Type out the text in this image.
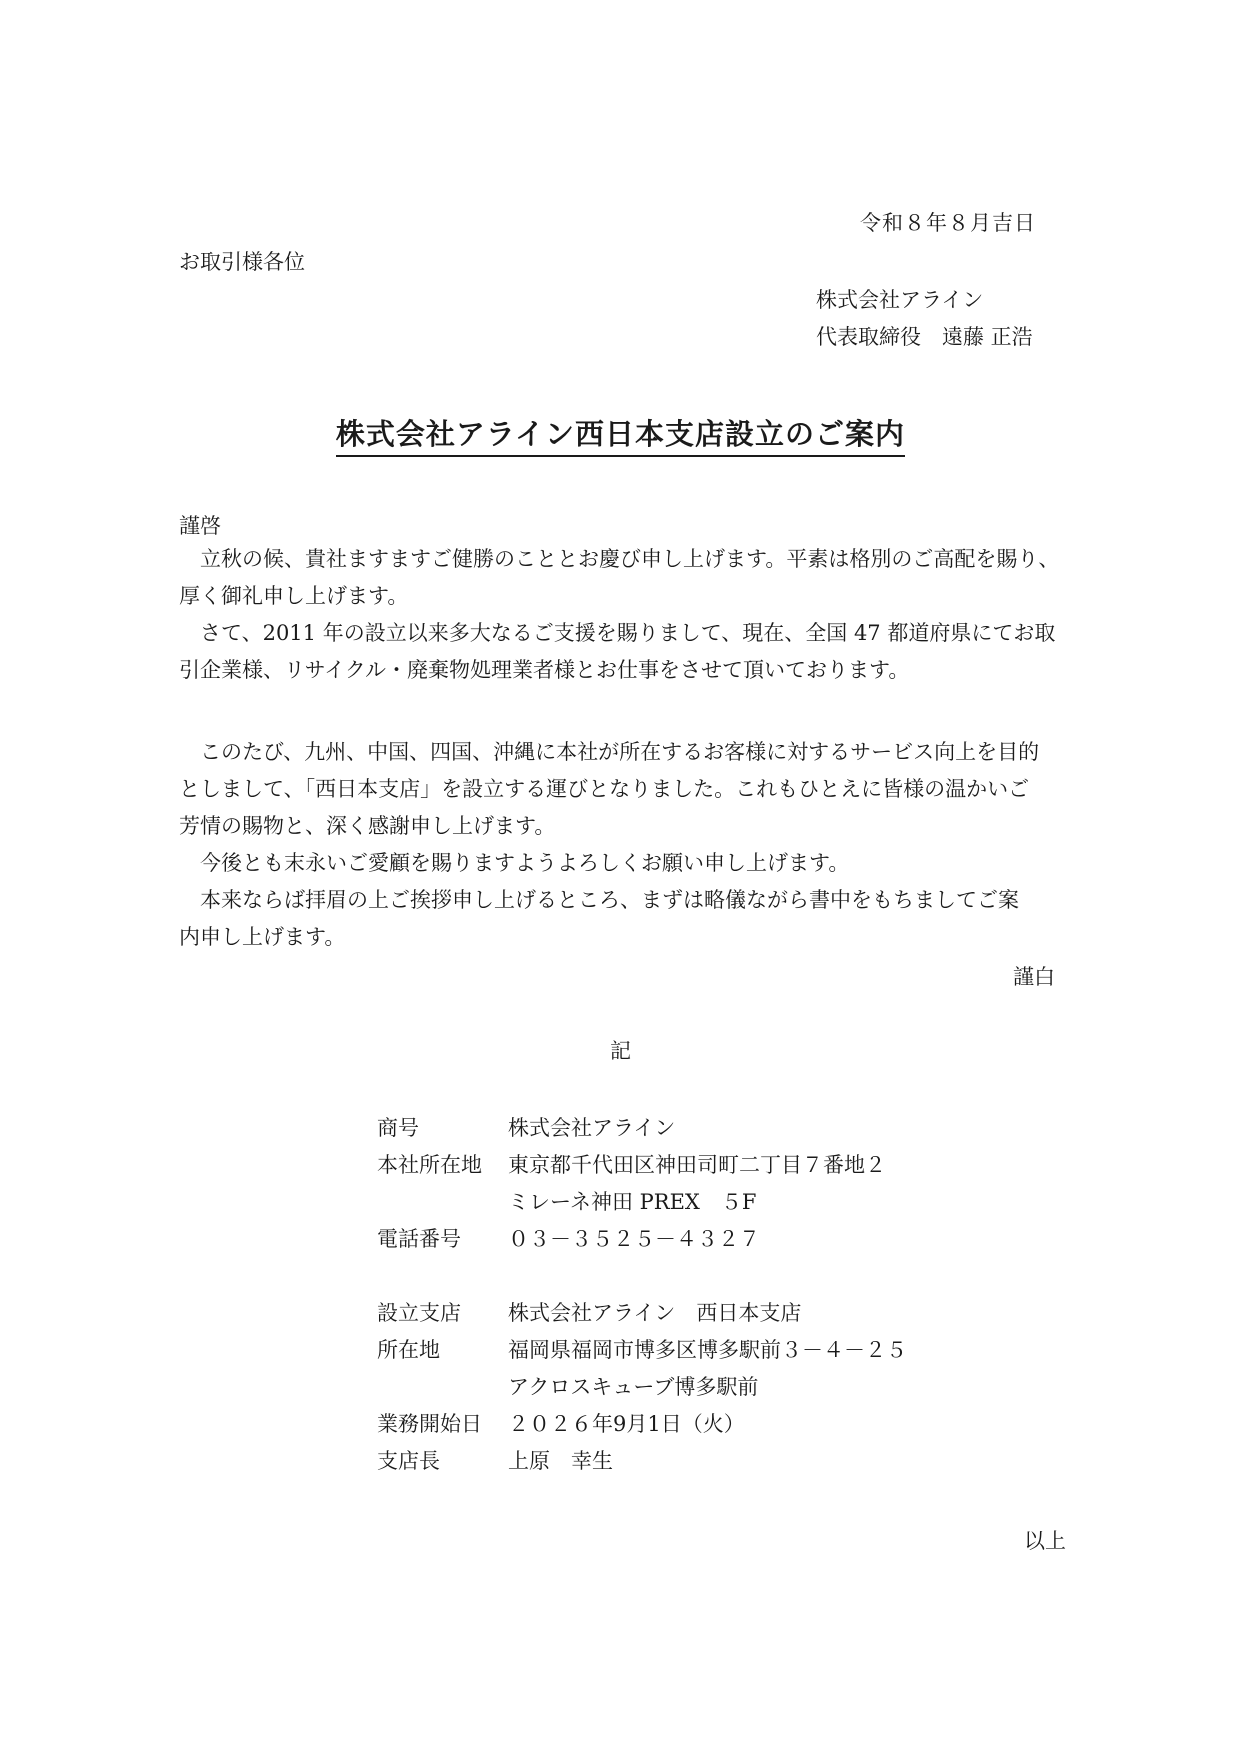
令和８年８月吉日
お取引様各位
株式会社アライン
代表取締役　遠藤 正浩
株式会社アライン西日本支店設立のご案内
謹啓

　立秋の候、貴社ますますご健勝のこととお慶び申し上げます。平素は格別のご高配を賜り、
厚く御礼申し上げます。
　さて、2011 年の設立以来多大なるご支援を賜りまして、現在、全国 47 都道府県にてお取
引企業様、リサイクル・廃棄物処理業者様とお仕事をさせて頂いております。

　このたび、九州、中国、四国、沖縄に本社が所在するお客様に対するサービス向上を目的
としまして、「西日本支店」を設立する運びとなりました。これもひとえに皆様の温かいご
芳情の賜物と、深く感謝申し上げます。
　今後とも末永いご愛顧を賜りますようよろしくお願い申し上げます。
　本来ならば拝眉の上ご挨拶申し上げるところ、まずは略儀ながら書中をもちましてご案
内申し上げます。

謹白
記
商号	株式会社アライン
本社所在地	東京都千代田区神田司町二丁目７番地２
ミレーネ神田 PREX　５F
電話番号	０３－３５２５－４３２７
設立支店	株式会社アライン　西日本支店
所在地	福岡県福岡市博多区博多駅前３－４－２５
アクロスキューブ博多駅前
業務開始日	２０２６年9月1日（火）
支店長	上原　幸生
以上
